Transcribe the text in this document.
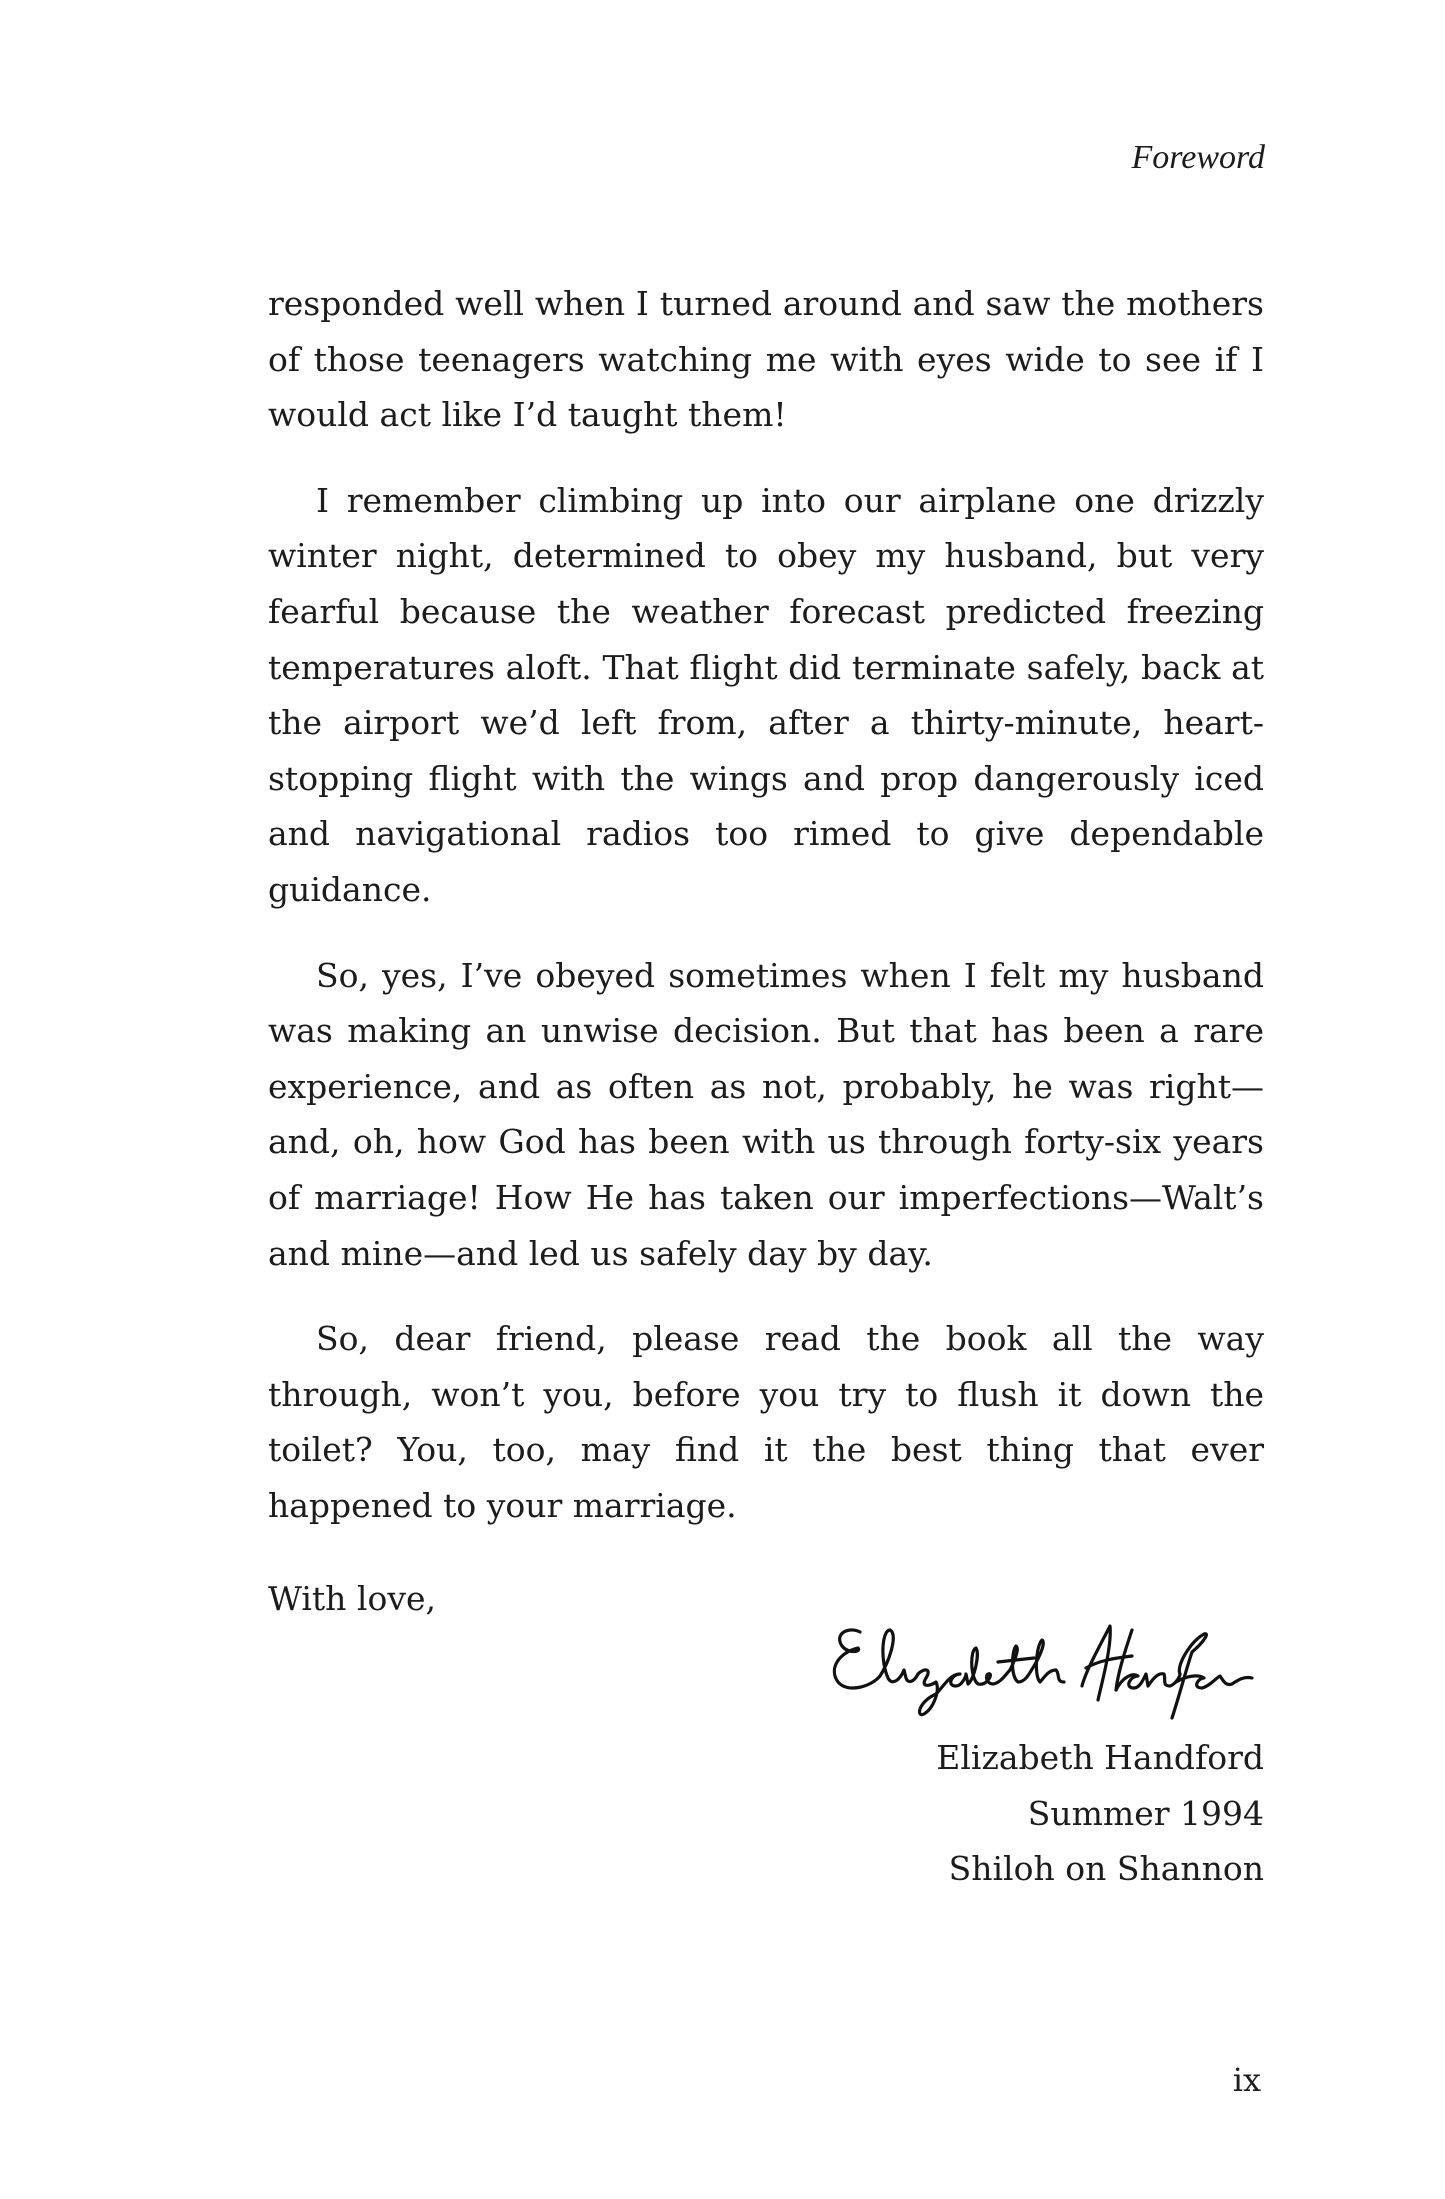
Foreword

responded well when I turned around and saw the mothers of those teenagers watching me with eyes wide to see if I would act like I’d taught them!

I remember climbing up into our airplane one drizzly winter night, determined to obey my husband, but very fearful because the weather forecast predicted freezing temperatures aloft. That flight did terminate safely, back at the airport we’d left from, after a thirty-minute, heartstopping flight with the wings and prop dangerously iced and navigational radios too rimed to give dependable guidance.

So, yes, I’ve obeyed sometimes when I felt my husband was making an unwise decision. But that has been a rare experience, and as often as not, probably, he was right— and, oh, how God has been with us through forty-six years of marriage! How He has taken our imperfections—Walt’s and mine—and led us safely day by day.

So, dear friend, please read the book all the way through, won’t you, before you try to flush it down the toilet? You, too, may find it the best thing that ever happened to your marriage.

With love,

Elizabeth Handford
Summer 1994
Shiloh on Shannon
ix
